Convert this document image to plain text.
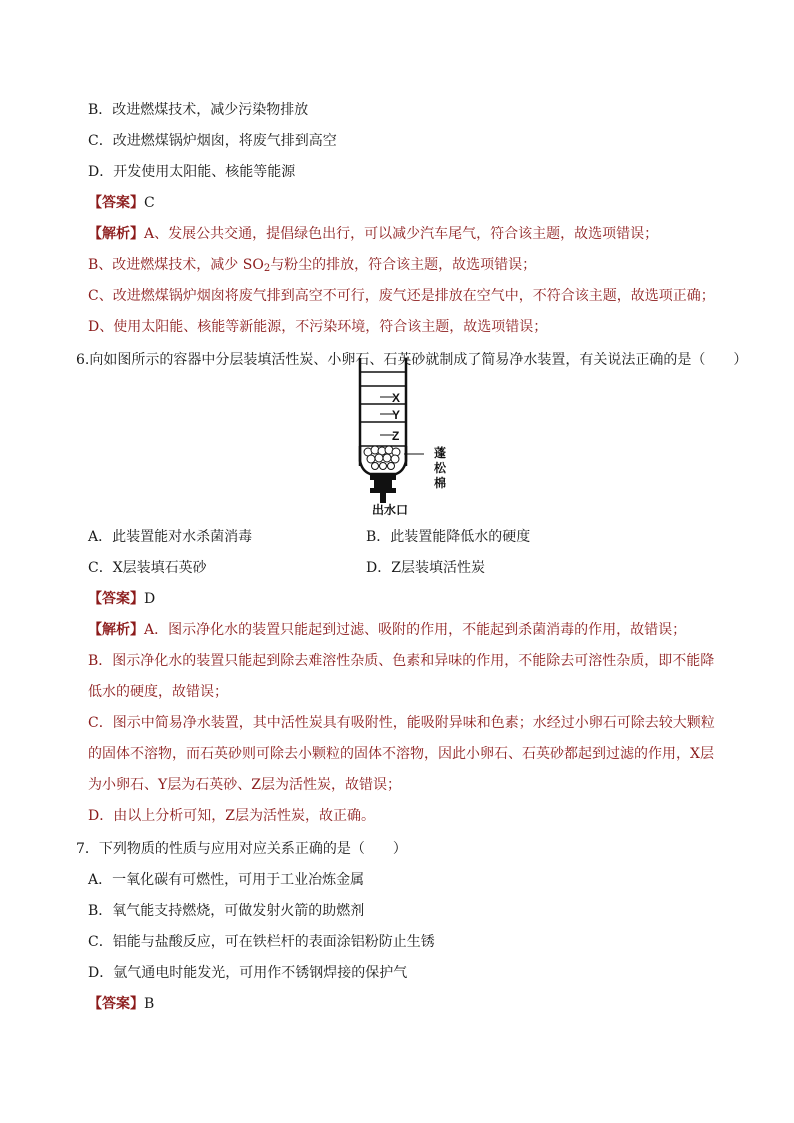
B．改进燃煤技术，减少污染物排放
C．改进燃煤锅炉烟囱，将废气排到高空
D．开发使用太阳能、核能等能源
【答案】C
【解析】A、发展公共交通，提倡绿色出行，可以减少汽车尾气，符合该主题，故选项错误；
B、改进燃煤技术，减少 $SO_2$与粉尘的排放，符合该主题，故选项错误；
C、改进燃煤锅炉烟囱将废气排到高空不可行，废气还是排放在空气中，不符合该主题，故选项正确；
D、使用太阳能、核能等新能源，不污染环境，符合该主题，故选项错误；
6.向如图所示的容器中分层装填活性炭、小卵石、石英砂就制成了简易净水装置，有关说法正确的是（　　）
X
Y
Z
蓬
松
棉
出水口
A．此装置能对水杀菌消毒	B．此装置能降低水的硬度
C．X层装填石英砂	D．Z层装填活性炭
【答案】D
【解析】A．图示净化水的装置只能起到过滤、吸附的作用，不能起到杀菌消毒的作用，故错误；
B．图示净化水的装置只能起到除去难溶性杂质、色素和异味的作用，不能除去可溶性杂质，即不能降
低水的硬度，故错误；
C．图示中简易净水装置，其中活性炭具有吸附性，能吸附异味和色素；水经过小卵石可除去较大颗粒
的固体不溶物，而石英砂则可除去小颗粒的固体不溶物，因此小卵石、石英砂都起到过滤的作用，X层
为小卵石、Y层为石英砂、Z层为活性炭，故错误；
D．由以上分析可知，Z层为活性炭，故正确。
7．下列物质的性质与应用对应关系正确的是（　　）
A．一氧化碳有可燃性，可用于工业冶炼金属
B．氧气能支持燃烧，可做发射火箭的助燃剂
C．铝能与盐酸反应，可在铁栏杆的表面涂铝粉防止生锈
D．氩气通电时能发光，可用作不锈钢焊接的保护气
【答案】B
